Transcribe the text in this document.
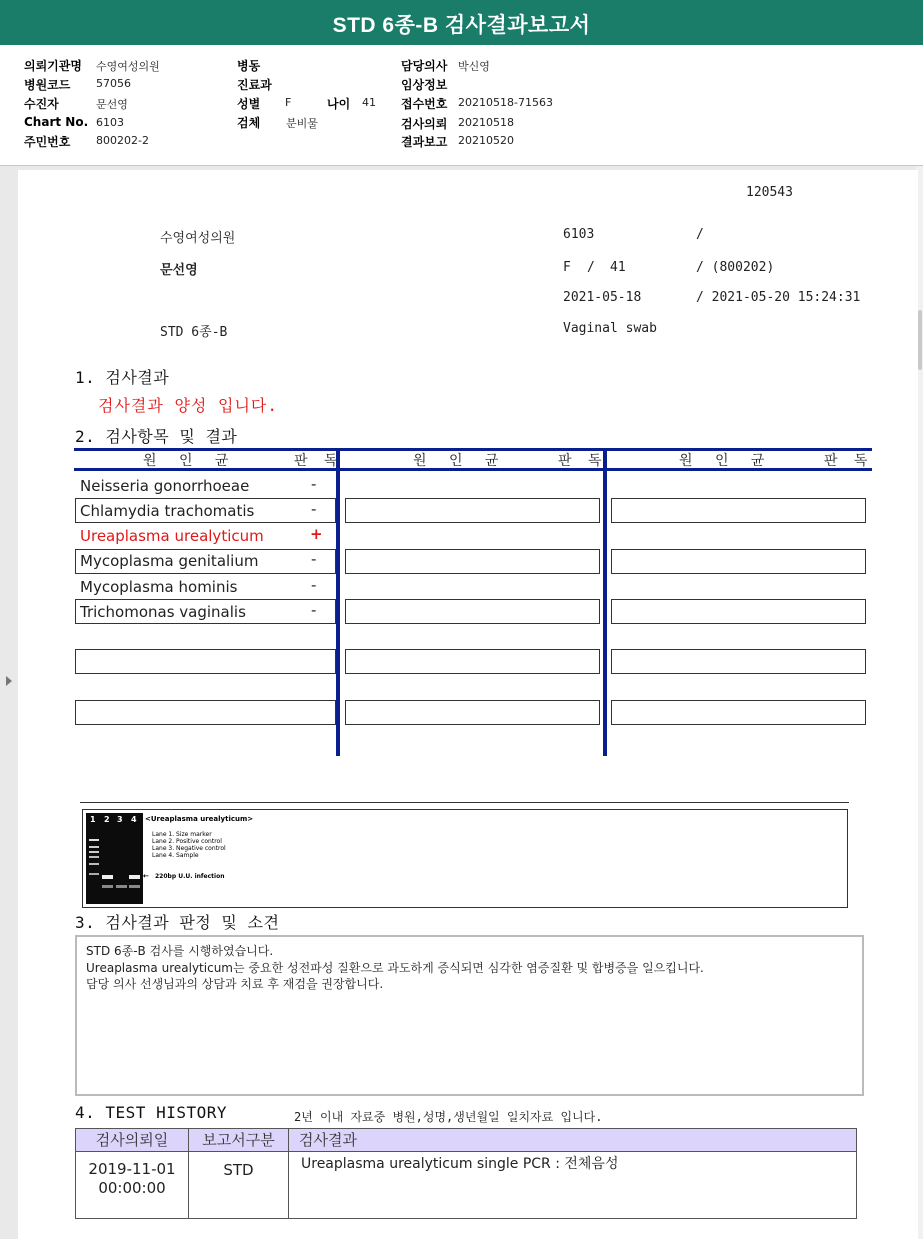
STD 6종-B 검사결과보고서
의뢰기관명 수영여성의원
병원코드 57056
수진자	문선영
Chart No. 6103
주민번호 800202-2
병동
진료과
성별 F	나이 41
검체 분비물
담당의사 박신영
임상정보
접수번호 20210518-71563
검사의뢰 20210518
결과보고 20210520
120543
수영여성의원	6103	/
문선영	F / 41	/ (800202)
2021-05-18	/ 2021-05-20 15:24:31
STD 6종-B	Vaginal swab
1. 검사결과
검사결과 양성 입니다.
2. 검사항목 및 결과
원 인 균	판 독	원 인 균	판 독	원 인 균	판 독
Neisseria gonorrhoeae	-
Chlamydia trachomatis	-
Ureaplasma urealyticum	+
Mycoplasma genitalium	-
Mycoplasma hominis	-
Trichomonas vaginalis	-
1 2 3 4 <Ureaplasma urealyticum>
Lane 1. Size marker
Lane 2. Positive control
Lane 3. Negative control
Lane 4. Sample
← 220bp U.U. infection
3. 검사결과 판정 및 소견
STD 6종-B 검사를 시행하였습니다.
Ureaplasma urealyticum는 중요한 성전파성 질환으로 과도하게 증식되면 심각한 염증질환 및 합병증을 일으킵니다.
담당 의사 선생님과의 상담과 치료 후 재검을 권장합니다.
4. TEST HISTORY	2년 이내 자료중 병원,성명,생년월일 일치자료 입니다.
검사의뢰일	보고서구분	검사결과
2019-11-01
00:00:00
STD	Ureaplasma urealyticum single PCR : 전체음성
